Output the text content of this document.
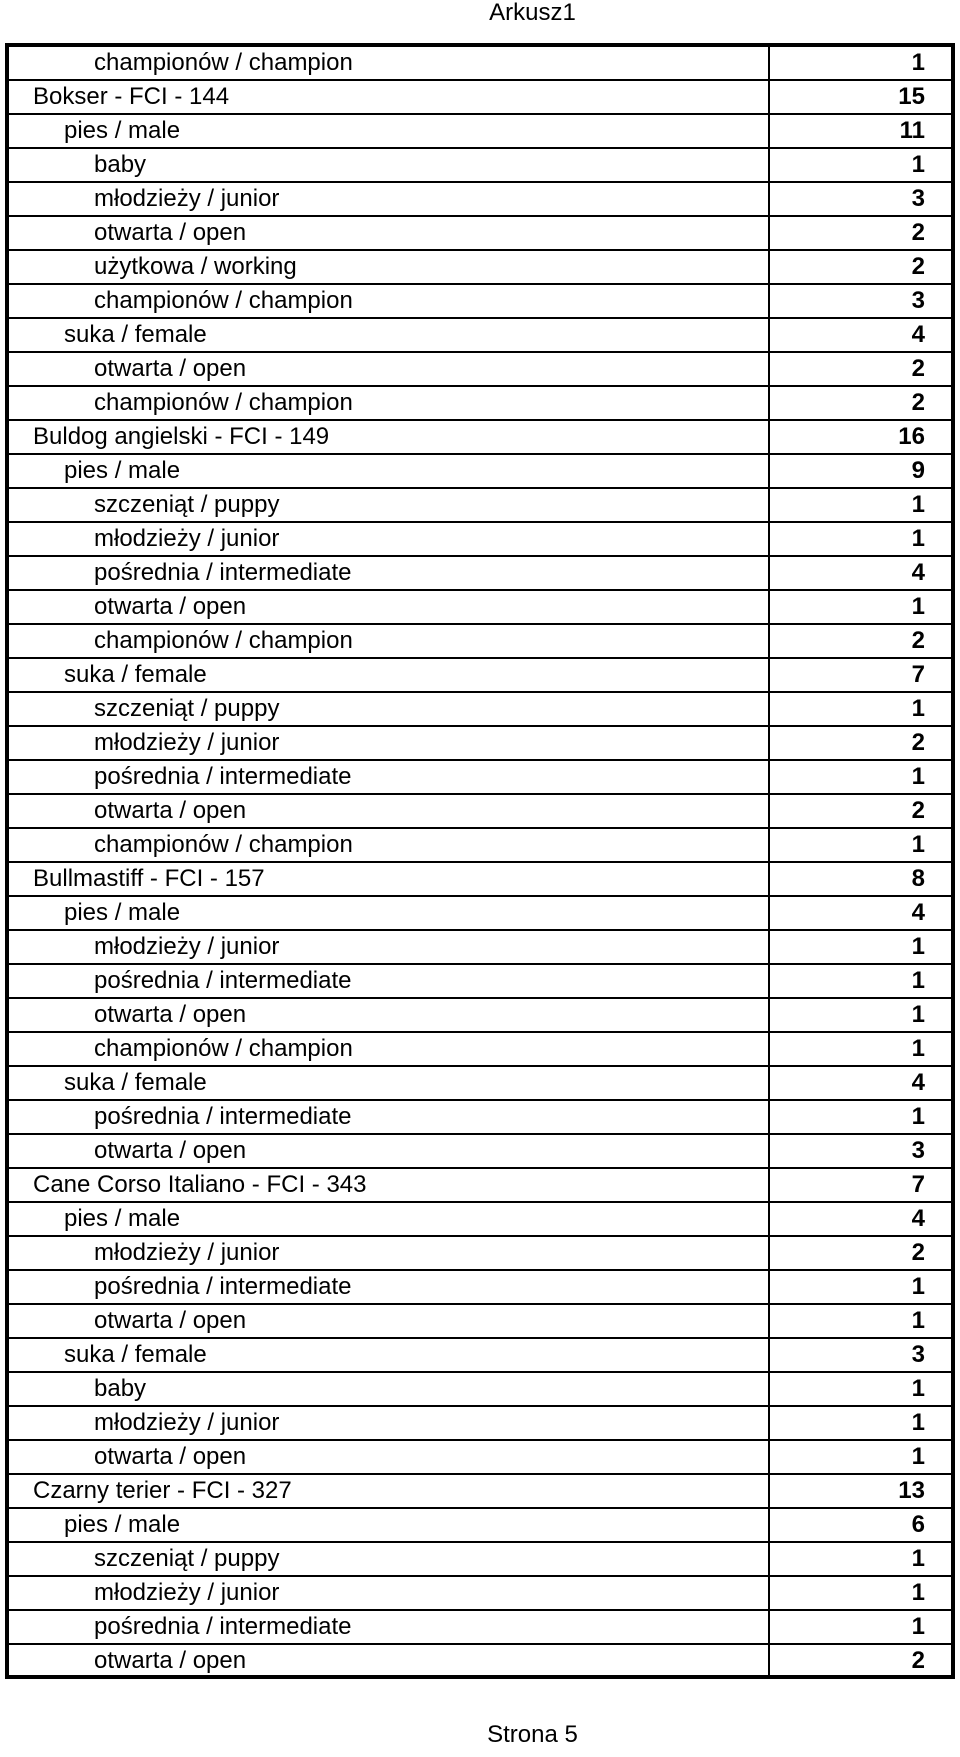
Arkusz1
championów / champion	1
Bokser - FCI - 144	15
pies / male	11
baby	1
młodzieży / junior	3
otwarta / open	2
użytkowa / working	2
championów / champion	3
suka / female	4
otwarta / open	2
championów / champion	2
Buldog angielski - FCI - 149	16
pies / male	9
szczeniąt / puppy	1
młodzieży / junior	1
pośrednia / intermediate	4
otwarta / open	1
championów / champion	2
suka / female	7
szczeniąt / puppy	1
młodzieży / junior	2
pośrednia / intermediate	1
otwarta / open	2
championów / champion	1
Bullmastiff - FCI - 157	8
pies / male	4
młodzieży / junior	1
pośrednia / intermediate	1
otwarta / open	1
championów / champion	1
suka / female	4
pośrednia / intermediate	1
otwarta / open	3
Cane Corso Italiano - FCI - 343	7
pies / male	4
młodzieży / junior	2
pośrednia / intermediate	1
otwarta / open	1
suka / female	3
baby	1
młodzieży / junior	1
otwarta / open	1
Czarny terier - FCI - 327	13
pies / male	6
szczeniąt / puppy	1
młodzieży / junior	1
pośrednia / intermediate	1
otwarta / open	2
Strona 5
